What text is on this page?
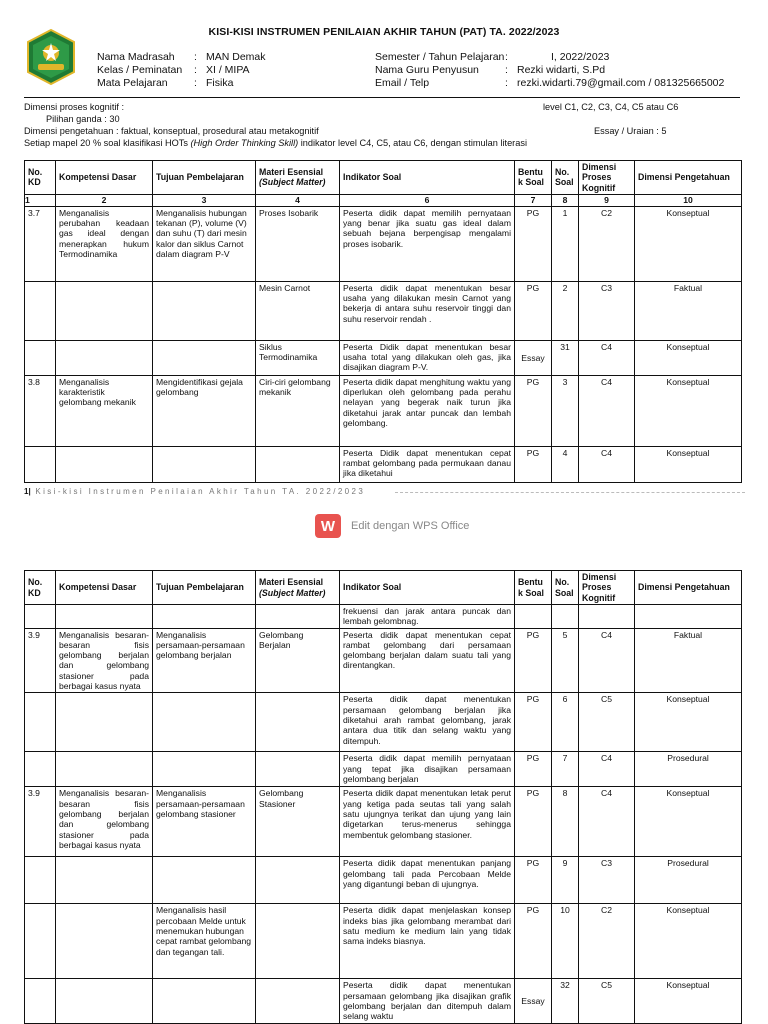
KISI-KISI INSTRUMEN PENILAIAN AKHIR TAHUN (PAT) TA. 2022/2023
Nama Madrasah : MAN Demak
Kelas / Peminatan : XI / MIPA
Mata Pelajaran	: Fisika
Semester / Tahun Pelajaran:	I, 2022/2023
Nama Guru Penyusun : Rezki widarti, S.Pd
Email / Telp	: rezki.widarti.79@gmail.com / 081325665002
Dimensi proses kognitif :	level C1, C2, C3, C4, C5 atau C6
Pilihan ganda : 30
Dimensi pengetahuan : faktual, konseptual, prosedural atau metakognitif	Essay / Uraian : 5
Setiap mapel 20 % soal klasifikasi HOTs (High Order Thinking Skill) indikator level C4, C5, atau C6, dengan stimulan literasi
No. KD	Kompetensi Dasar	Tujuan Pembelajaran	Materi Esensial
(Subject Matter)	Indikator Soal	Bentu k Soal	No. Soal	Dimensi Proses Kognitif	Dimensi Pengetahuan
1	2	3	4	6	7	8	9	10
3.7	Menganalisis perubahan keadaan gas ideal dengan menerapkan hukum Termodinamika	Menganalisis hubungan tekanan (P), volume (V) dan suhu (T) dari mesin kalor dan siklus Carnot dalam diagram P-V	Proses Isobarik	Peserta didik dapat memilih pernyataan yang benar jika suatu gas ideal dalam sebuah bejana berpengisap mengalami proses isobarik.	PG	1	C2	Konseptual
			Mesin Carnot	Peserta didik dapat menentukan besar usaha yang dilakukan mesin Carnot yang bekerja di antara suhu reservoir tinggi dan suhu reservoir rendah .	PG	2	C3	Faktual
			Siklus Termodinamika	Peserta Didik dapat menentukan besar usaha total yang dilakukan oleh gas, jika disajikan diagram P-V.	Essay	31	C4	Konseptual
3.8	Menganalisis karakteristik gelombang mekanik	Mengidentifikasi gejala gelombang	Ciri-ciri gelombang mekanik	Peserta didik dapat menghitung waktu yang diperlukan oleh gelombang pada perahu nelayan yang begerak naik turun jika diketahui jarak antar puncak dan lembah gelombang.	PG	3	C4	Konseptual
				Peserta Didik dapat menentukan cepat rambat gelombang pada permukaan danau jika diketahui	PG	4	C4	Konseptual
1| Kisi-kisi Instrumen Penilaian Akhir Tahun TA. 2022/2023
W	Edit dengan WPS Office
No. KD	Kompetensi Dasar	Tujuan Pembelajaran	Materi Esensial
(Subject Matter)	Indikator Soal	Bentu k Soal	No. Soal	Dimensi Proses Kognitif	Dimensi Pengetahuan
				frekuensi dan jarak antara puncak dan lembah gelombnag.				
3.9	Menganalisis besaran-besaran fisis gelombang berjalan dan gelombang stasioner pada berbagai kasus nyata	Menganalisis persamaan-persamaan gelombang berjalan	Gelombang Berjalan	Peserta didik dapat menentukan cepat rambat gelombang dari persamaan gelombang berjalan dalam suatu tali yang direntangkan.	PG	5	C4	Faktual
				Peserta didik dapat menentukan persamaan gelombang berjalan jika diketahui arah rambat gelombang, jarak antara dua titik dan selang waktu yang ditempuh.	PG	6	C5	Konseptual
				Peserta didik dapat memilih pernyataan yang tepat jika disajikan persamaan gelombang berjalan	PG	7	C4	Prosedural
3.9	Menganalisis besaran-besaran fisis gelombang berjalan dan gelombang stasioner pada berbagai kasus nyata	Menganalisis persamaan-persamaan gelombang stasioner	Gelombang Stasioner	Peserta didik dapat menentukan letak perut yang ketiga pada seutas tali yang salah satu ujungnya terikat dan ujung yang lain digetarkan terus-menerus sehingga membentuk gelombang stasioner.	PG	8	C4	Konseptual
				Peserta didik dapat menentukan panjang gelombang tali pada Percobaan Melde yang digantungi beban di ujungnya.	PG	9	C3	Prosedural
		Menganalisis hasil percobaan Melde untuk menemukan hubungan cepat rambat gelombang dan tegangan tali.		Peserta didik dapat menjelaskan konsep indeks bias jika gelombang merambat dari satu medium ke medium lain yang tidak sama indeks biasnya.	PG	10	C2	Konseptual
				Peserta didik dapat menentukan persamaan gelombang jika disajikan grafik gelombang berjalan dan ditempuh dalam selang waktu	Essay	32	C5	Konseptual
